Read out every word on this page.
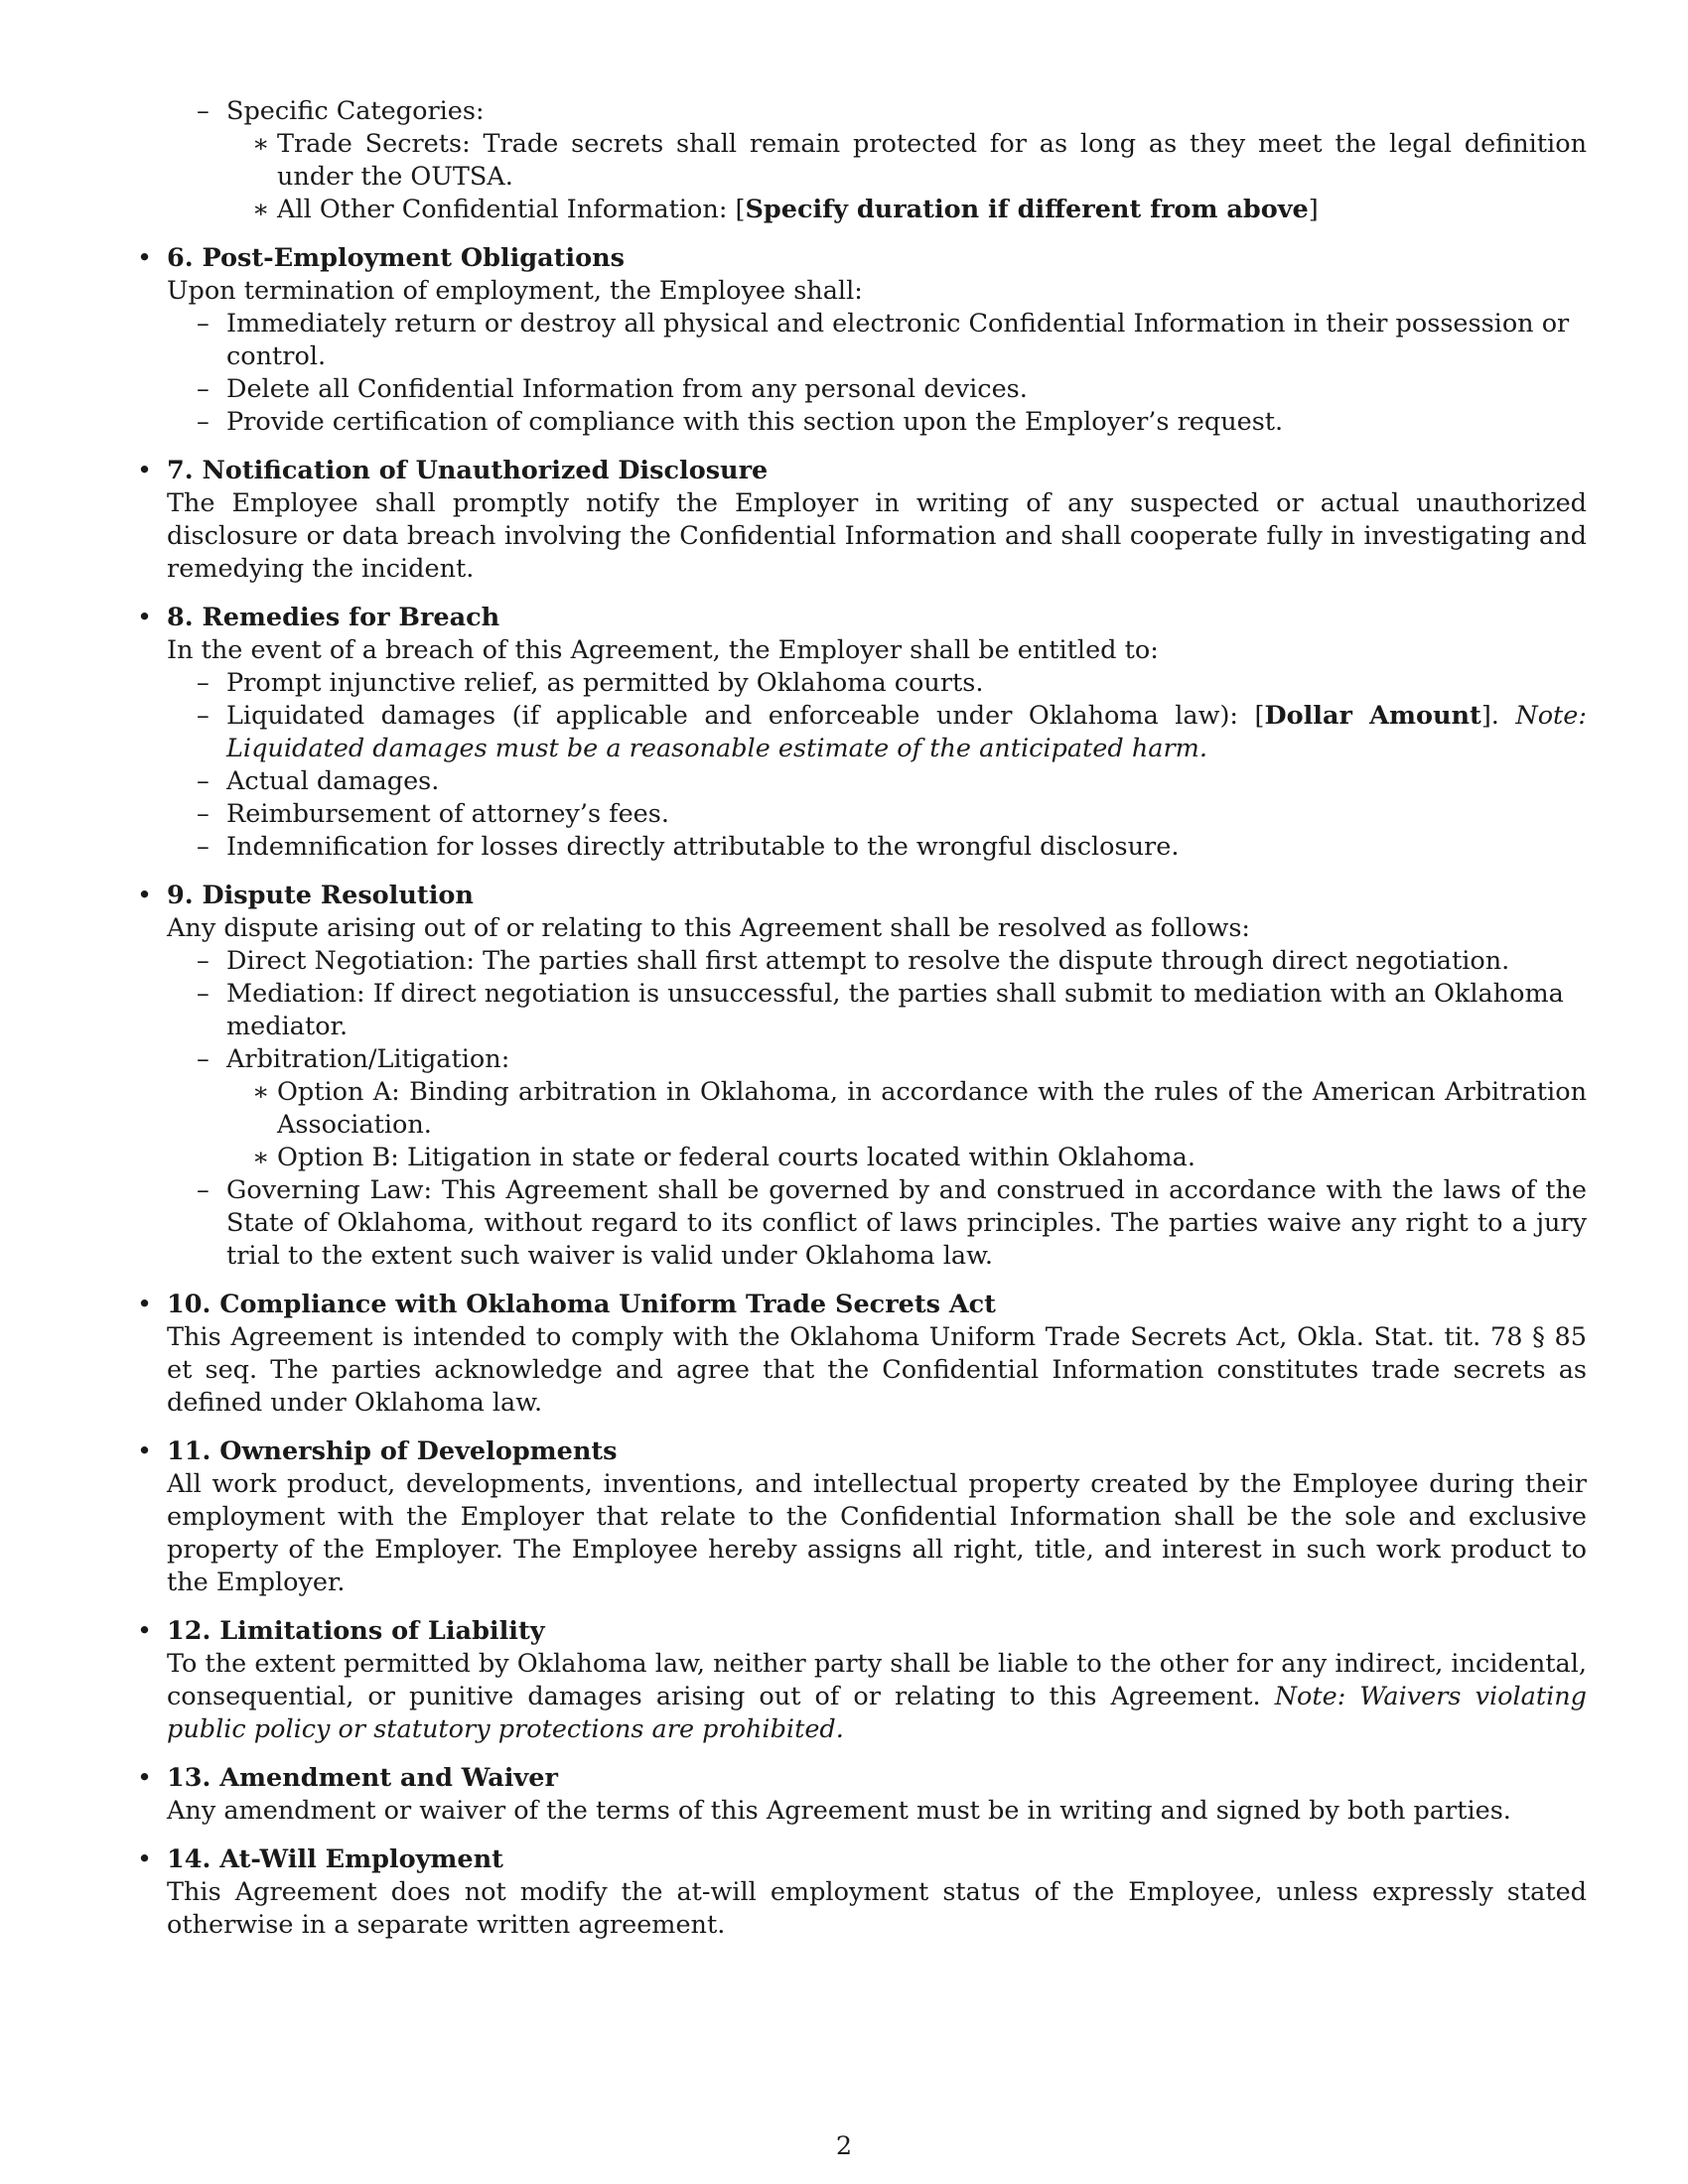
– Specific Categories:
∗ Trade Secrets: Trade secrets shall remain protected for as long as they meet the legal definition under the OUTSA.
∗ All Other Confidential Information: [Specify duration if different from above]
• 6. Post-Employment Obligations

Upon termination of employment, the Employee shall:

– Immediately return or destroy all physical and electronic Confidential Information in their possession or control.
– Delete all Confidential Information from any personal devices.
– Provide certification of compliance with this section upon the Employer’s request.
• 7. Notification of Unauthorized Disclosure

The Employee shall promptly notify the Employer in writing of any suspected or actual unauthorized disclosure or data breach involving the Confidential Information and shall cooperate fully in investigating and remedying the incident.

• 8. Remedies for Breach

In the event of a breach of this Agreement, the Employer shall be entitled to:

– Prompt injunctive relief, as permitted by Oklahoma courts.
– Liquidated damages (if applicable and enforceable under Oklahoma law): [Dollar Amount]. Note: Liquidated damages must be a reasonable estimate of the anticipated harm.
– Actual damages.
– Reimbursement of attorney’s fees.
– Indemnification for losses directly attributable to the wrongful disclosure.
• 9. Dispute Resolution

Any dispute arising out of or relating to this Agreement shall be resolved as follows:

– Direct Negotiation: The parties shall first attempt to resolve the dispute through direct negotiation.
– Mediation: If direct negotiation is unsuccessful, the parties shall submit to mediation with an Oklahoma mediator.
– Arbitration/Litigation:
∗ Option A: Binding arbitration in Oklahoma, in accordance with the rules of the American Arbitration Association.
∗ Option B: Litigation in state or federal courts located within Oklahoma.
– Governing Law: This Agreement shall be governed by and construed in accordance with the laws of the State of Oklahoma, without regard to its conflict of laws principles. The parties waive any right to a jury trial to the extent such waiver is valid under Oklahoma law.
• 10. Compliance with Oklahoma Uniform Trade Secrets Act

This Agreement is intended to comply with the Oklahoma Uniform Trade Secrets Act, Okla. Stat. tit. 78 § 85 et seq. The parties acknowledge and agree that the Confidential Information constitutes trade secrets as defined under Oklahoma law.

• 11. Ownership of Developments

All work product, developments, inventions, and intellectual property created by the Employee during their employment with the Employer that relate to the Confidential Information shall be the sole and exclusive property of the Employer. The Employee hereby assigns all right, title, and interest in such work product to the Employer.

• 12. Limitations of Liability

To the extent permitted by Oklahoma law, neither party shall be liable to the other for any indirect, incidental, consequential, or punitive damages arising out of or relating to this Agreement. Note: Waivers violating public policy or statutory protections are prohibited.

• 13. Amendment and Waiver

Any amendment or waiver of the terms of this Agreement must be in writing and signed by both parties.

• 14. At-Will Employment

This Agreement does not modify the at-will employment status of the Employee, unless expressly stated otherwise in a separate written agreement.

2
